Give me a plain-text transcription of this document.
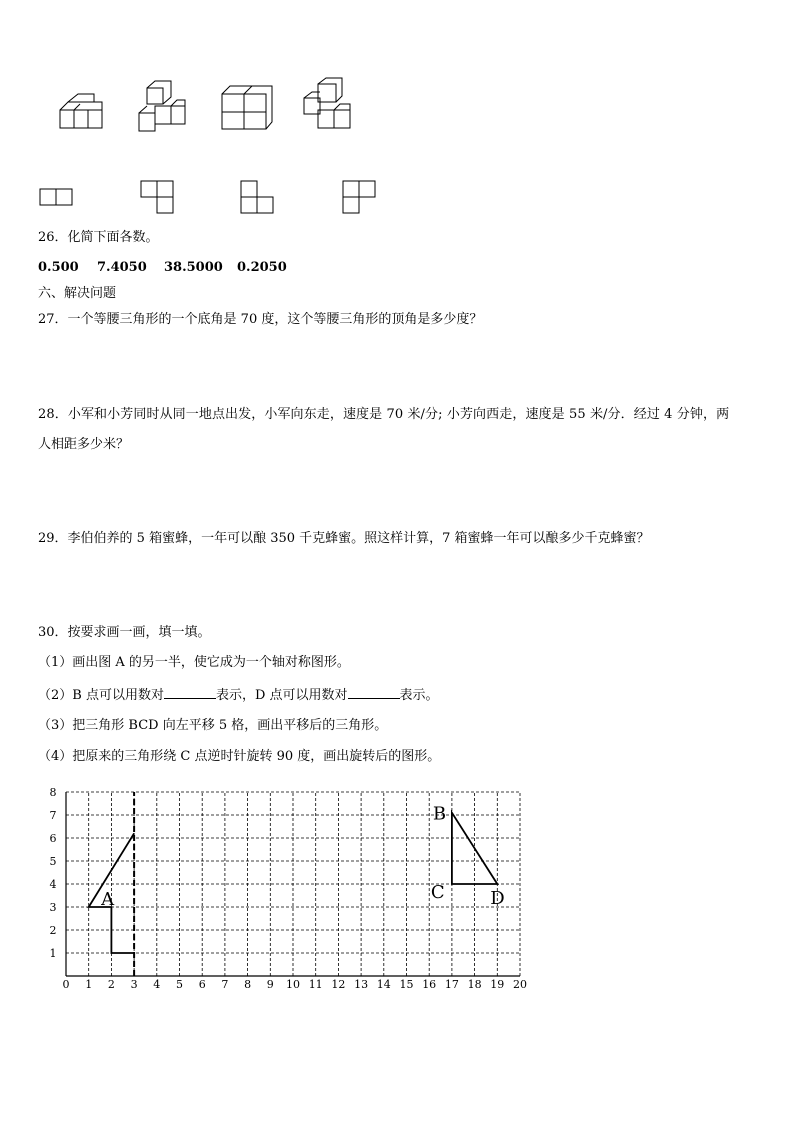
26．化简下面各数。
0.500 7.4050 38.5000 0.2050
六、解决问题
27．一个等腰三角形的一个底角是 70 度，这个等腰三角形的顶角是多少度？
28．小军和小芳同时从同一地点出发，小军向东走，速度是 70 米/分; 小芳向西走，速度是 55 米/分．经过 4 分钟，两
人相距多少米？
29．李伯伯养的 5 箱蜜蜂，一年可以酿 350 千克蜂蜜。照这样计算，7 箱蜜蜂一年可以酿多少千克蜂蜜？
30．按要求画一画，填一填。
（1）画出图 A 的另一半，使它成为一个轴对称图形。
（2）B 点可以用数对	表示，D 点可以用数对	表示。
（3）把三角形 BCD 向左平移 5 格，画出平移后的三角形。
（4）把原来的三角形绕 C 点逆时针旋转 90 度，画出旋转后的图形。
0 1 2 3 4 5 6 7 8 9 10 11 12 13 14 15 16 17 18 19 20
1
2
3
4
5
6
7
8
A
B
C	D
